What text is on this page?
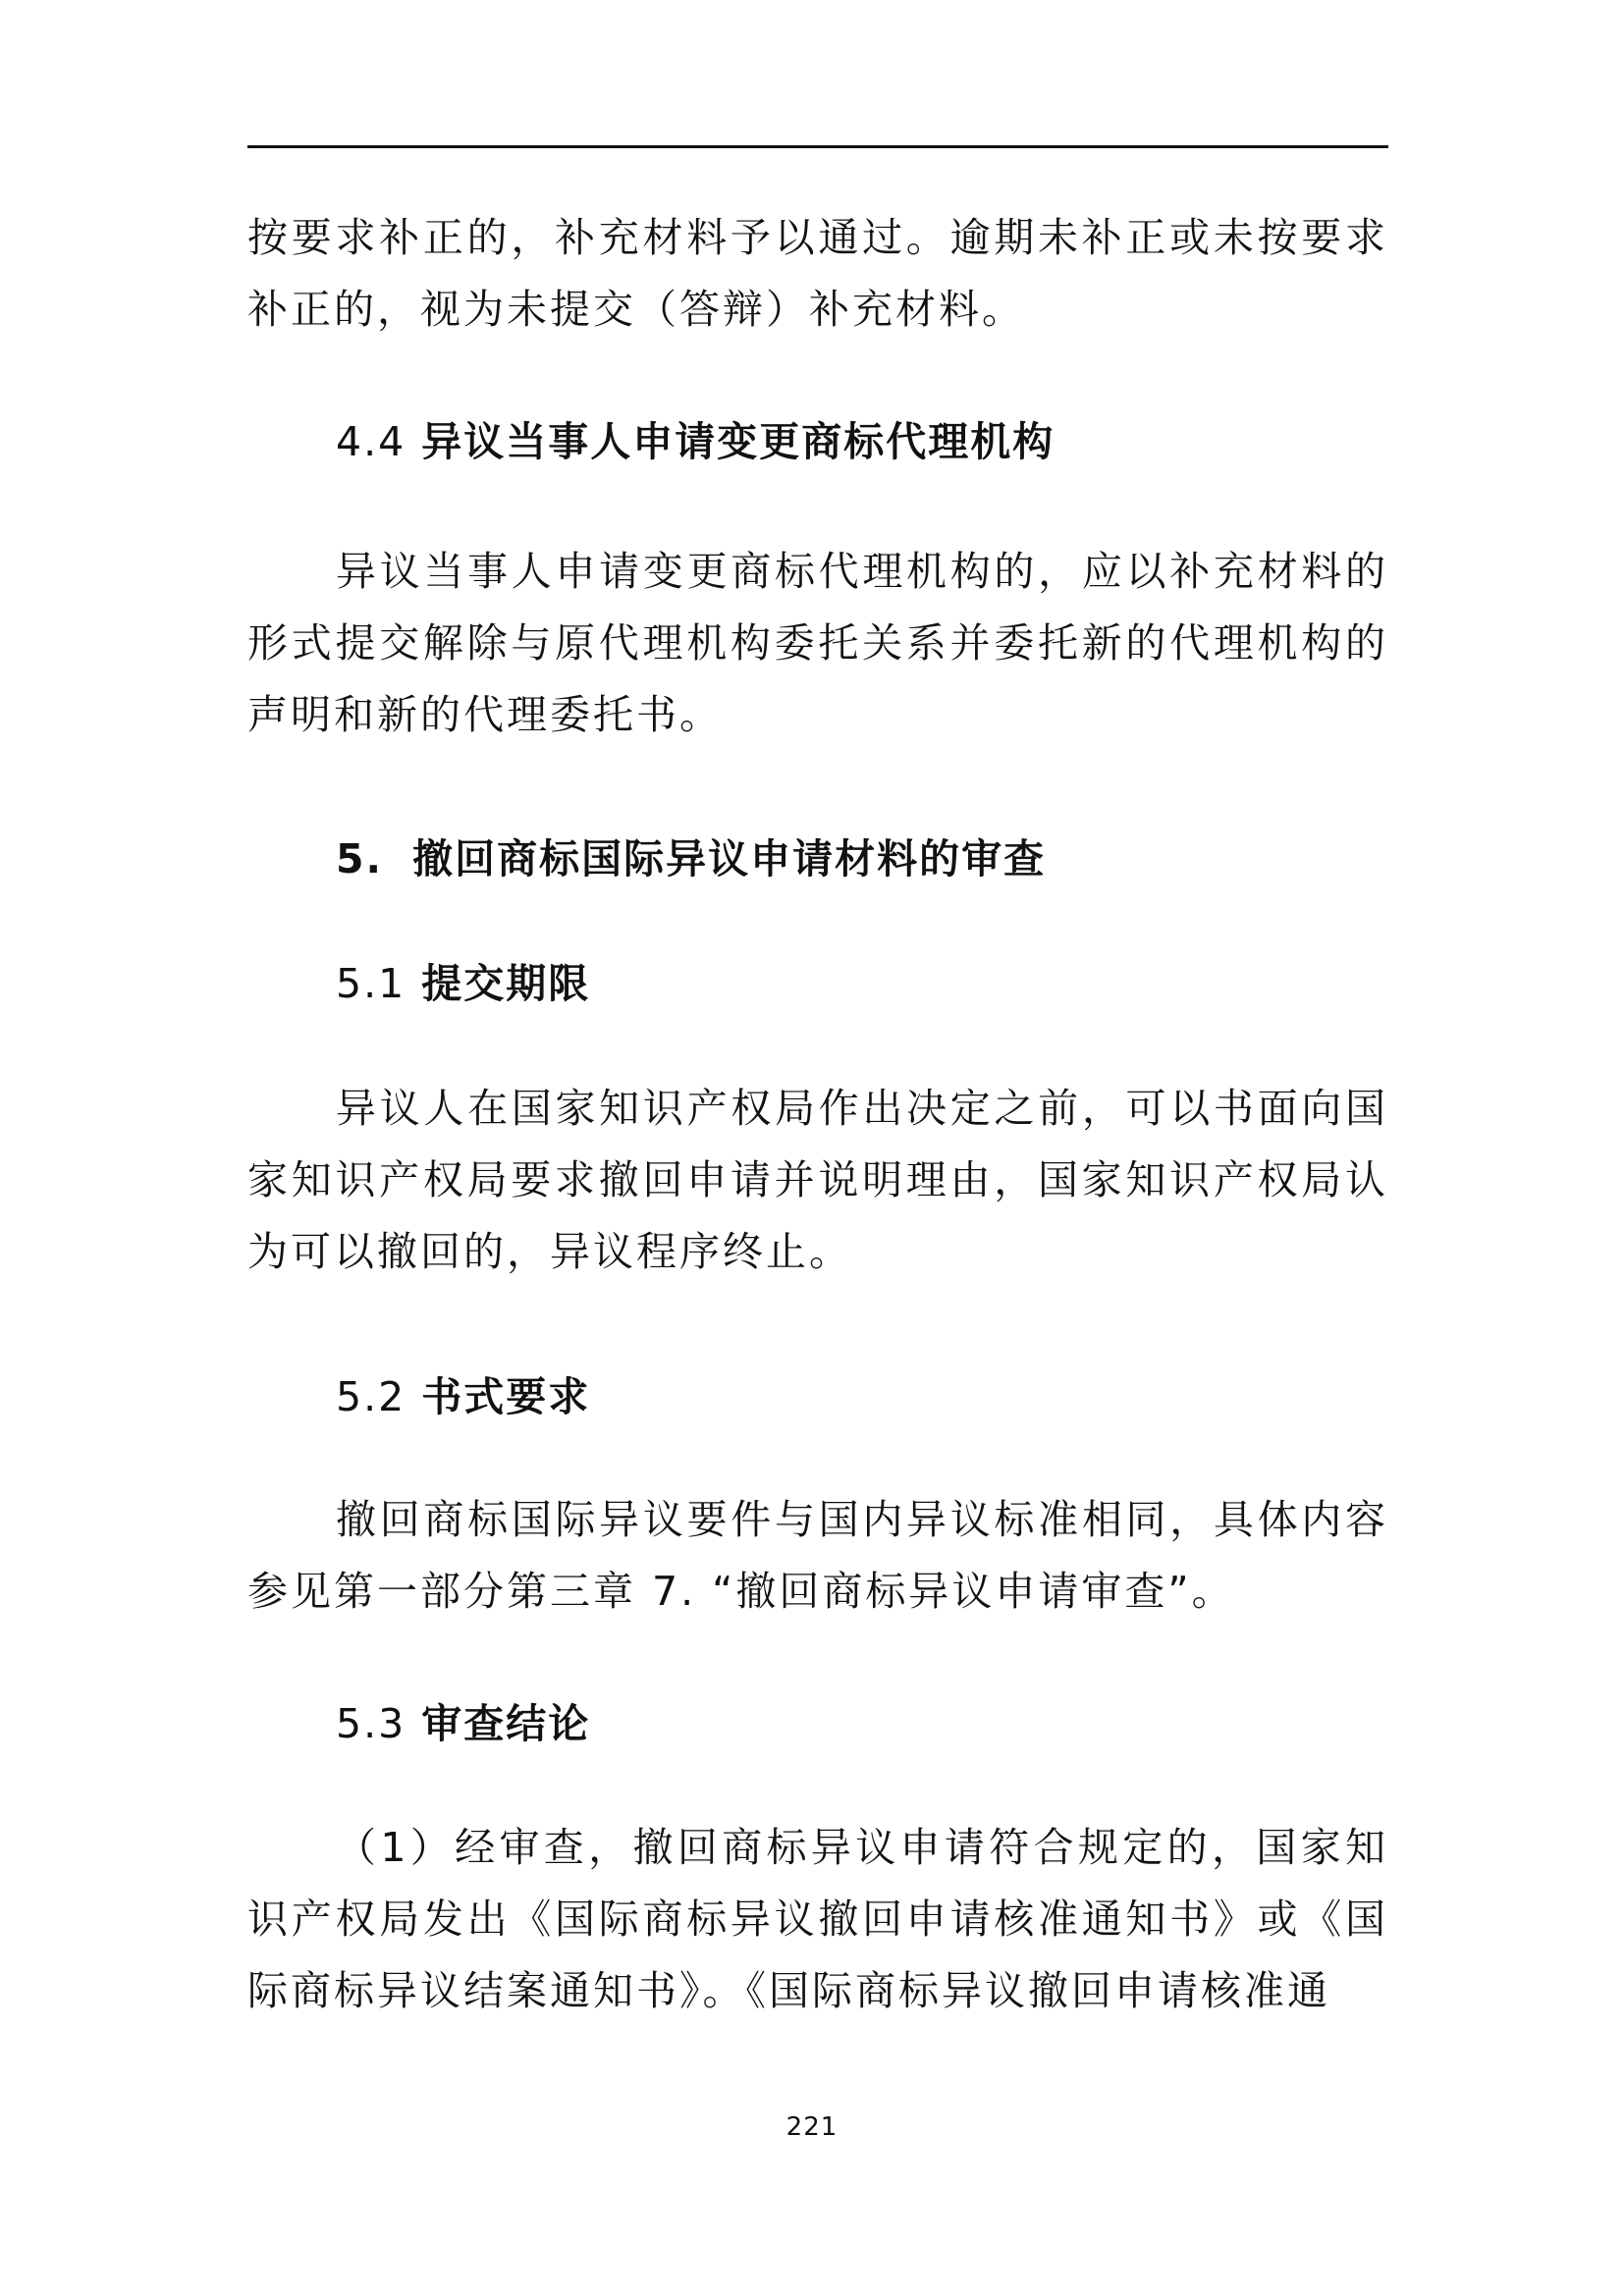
按要求补正的，补充材料予以通过。逾期未补正或未按要求补正的，视为未提交（答辩）补充材料。

4.4 异议当事人申请变更商标代理机构

异议当事人申请变更商标代理机构的，应以补充材料的形式提交解除与原代理机构委托关系并委托新的代理机构的声明和新的代理委托书。

5. 撤回商标国际异议申请材料的审查
5.1 提交期限

异议人在国家知识产权局作出决定之前，可以书面向国家知识产权局要求撤回申请并说明理由，国家知识产权局认为可以撤回的，异议程序终止。

5.2 书式要求

撤回商标国际异议要件与国内异议标准相同，具体内容参见第一部分第三章 7. “撤回商标异议申请审查”。

5.3 审查结论

（1）经审查，撤回商标异议申请符合规定的，国家知识产权局发出《国际商标异议撤回申请核准通知书》或《国际商标异议结案通知书》。《国际商标异议撤回申请核准通

221
